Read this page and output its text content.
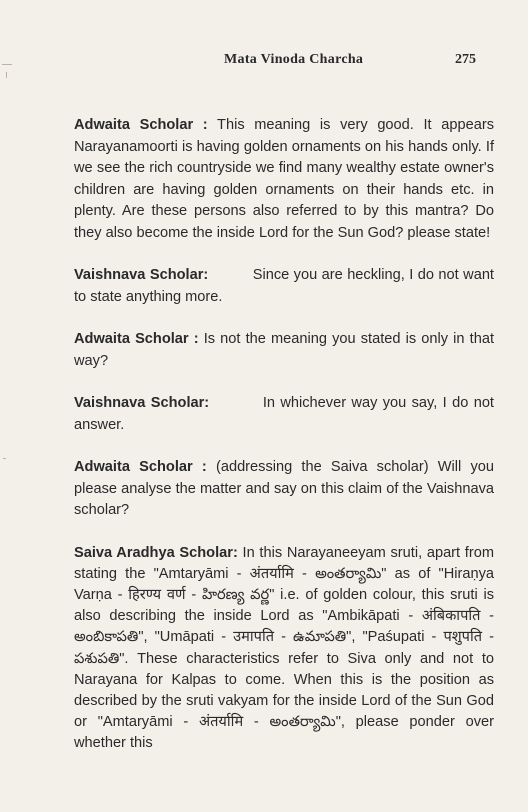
Mata Vinoda Charcha	275

Adwaita Scholar : This meaning is very good. It appears Narayanamoorti is having golden ornaments on his hands only. If we see the rich countryside we find many wealthy estate owner's children are having golden ornaments on their hands etc. in plenty. Are these persons also referred to by this mantra? Do they also become the inside Lord for the Sun God? please state!

Vaishnava Scholar:          Since you are heckling, I do not want to state anything more.

Adwaita Scholar : Is not the meaning you stated is only in that way?

Vaishnava Scholar:          In whichever way you say, I do not answer.

Adwaita Scholar : (addressing the Saiva scholar) Will you please analyse the matter and say on this claim of the Vaishnava scholar?

Saiva Aradhya Scholar: In this Narayaneeyam sruti, apart from stating the "Amtaryāmi - अंतर्यामि - అంతర్యామి" as of "Hiraṇya Varṇa - हिरण्य वर्ण - హిరణ్య వర్ణ" i.e. of golden colour, this sruti is also describing the inside Lord as "Ambikāpati - अंबिकापति - అంబికాపతి", "Umāpati - उमापति - ఉమాపతి", "Paśupati - पशुपति - పశుపతి". These characteristics refer to Siva only and not to Narayana for Kalpas to come. When this is the position as described by the sruti vakyam for the inside Lord of the Sun God or "Amtaryāmi - अंतर्यामि - అంతర్యామి", please ponder over whether this
